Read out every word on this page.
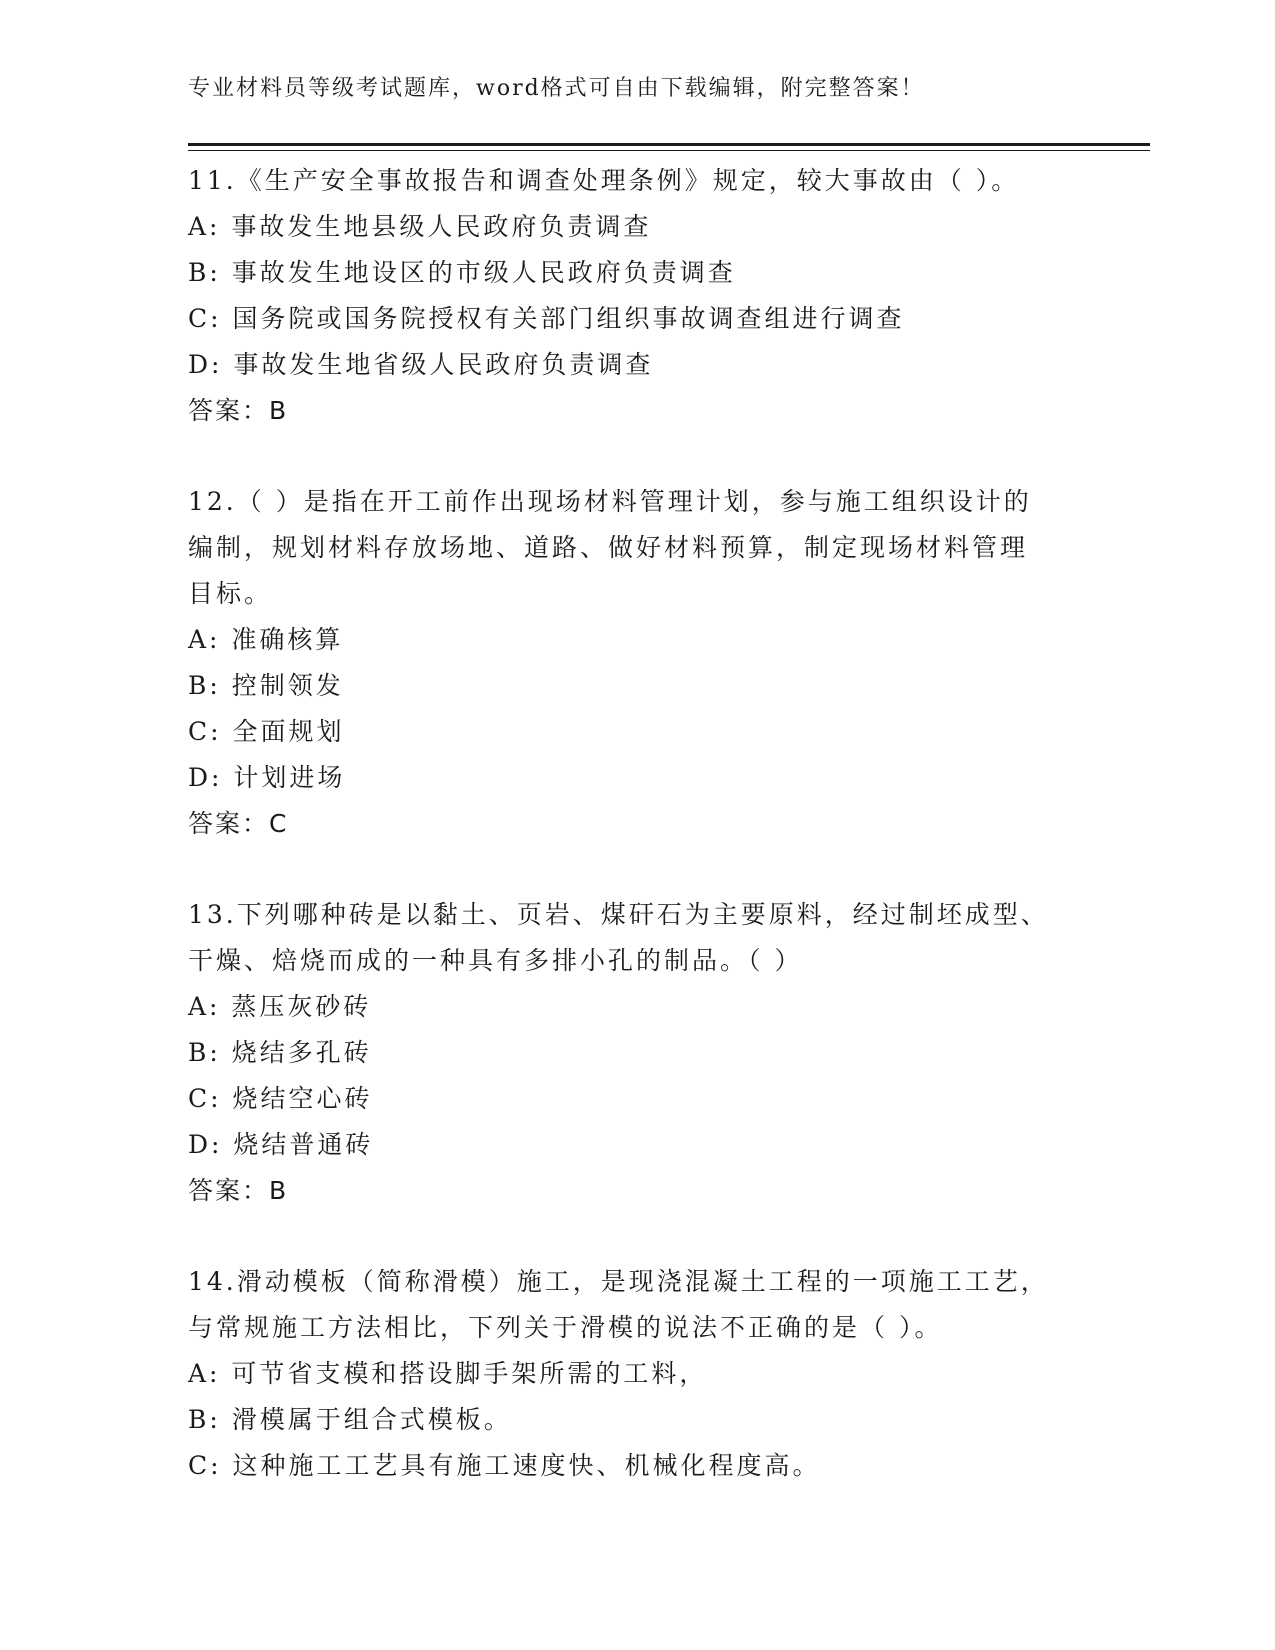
专业材料员等级考试题库，word格式可自由下载编辑，附完整答案！
11.《生产安全事故报告和调查处理条例》规定，较大事故由（ ）。
A: 事故发生地县级人民政府负责调查
B: 事故发生地设区的市级人民政府负责调查
C: 国务院或国务院授权有关部门组织事故调查组进行调查
D: 事故发生地省级人民政府负责调查
答案：B
12.（ ）是指在开工前作出现场材料管理计划，参与施工组织设计的
编制，规划材料存放场地、道路、做好材料预算，制定现场材料管理
目标。
A: 准确核算
B: 控制领发
C: 全面规划
D: 计划进场
答案：C
13.下列哪种砖是以黏土、页岩、煤矸石为主要原料，经过制坯成型、
干燥、焙烧而成的一种具有多排小孔的制品。（ ）
A: 蒸压灰砂砖
B: 烧结多孔砖
C: 烧结空心砖
D: 烧结普通砖
答案：B
14.滑动模板（简称滑模）施工，是现浇混凝土工程的一项施工工艺，
与常规施工方法相比，下列关于滑模的说法不正确的是（ ）。
A: 可节省支模和搭设脚手架所需的工料，
B: 滑模属于组合式模板。
C: 这种施工工艺具有施工速度快、机械化程度高。
